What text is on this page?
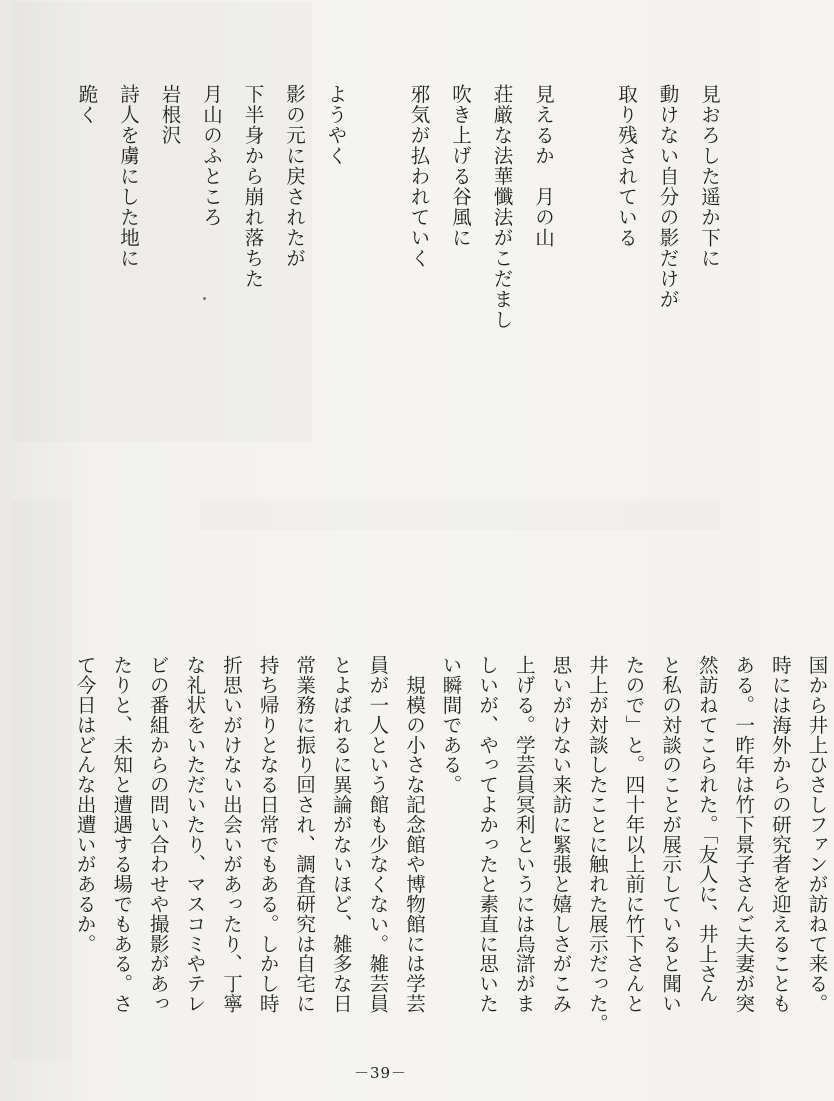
見おろした遥か下に
動けない自分の影だけが
取り残されている
見えるか　月の山
荘厳な法華懺法がこだまし
吹き上げる谷風に
邪気が払われていく
ようやく
影の元に戻されたが
下半身から崩れ落ちた
月山のふところ
岩根沢
詩人を虜にした地に
跪く
国から井上ひさしファンが訪ねて来る。
時には海外からの研究者を迎えることも
ある。一昨年は竹下景子さんご夫妻が突
然訪ねてこられた。「友人に、井上さん
と私の対談のことが展示していると聞い
たので」と。四十年以上前に竹下さんと
井上が対談したことに触れた展示だった。
思いがけない来訪に緊張と嬉しさがこみ
上げる。学芸員冥利というには烏滸がま
しいが、やってよかったと素直に思いた
い瞬間である。
　規模の小さな記念館や博物館には学芸
員が一人という館も少なくない。雑芸員
とよばれるに異論がないほど、雑多な日
常業務に振り回され、調査研究は自宅に
持ち帰りとなる日常でもある。しかし時
折思いがけない出会いがあったり、丁寧
な礼状をいただいたり、マスコミやテレ
ビの番組からの問い合わせや撮影があっ
たりと、未知と遭遇する場でもある。さ
て今日はどんな出遭いがあるか。
－39－
